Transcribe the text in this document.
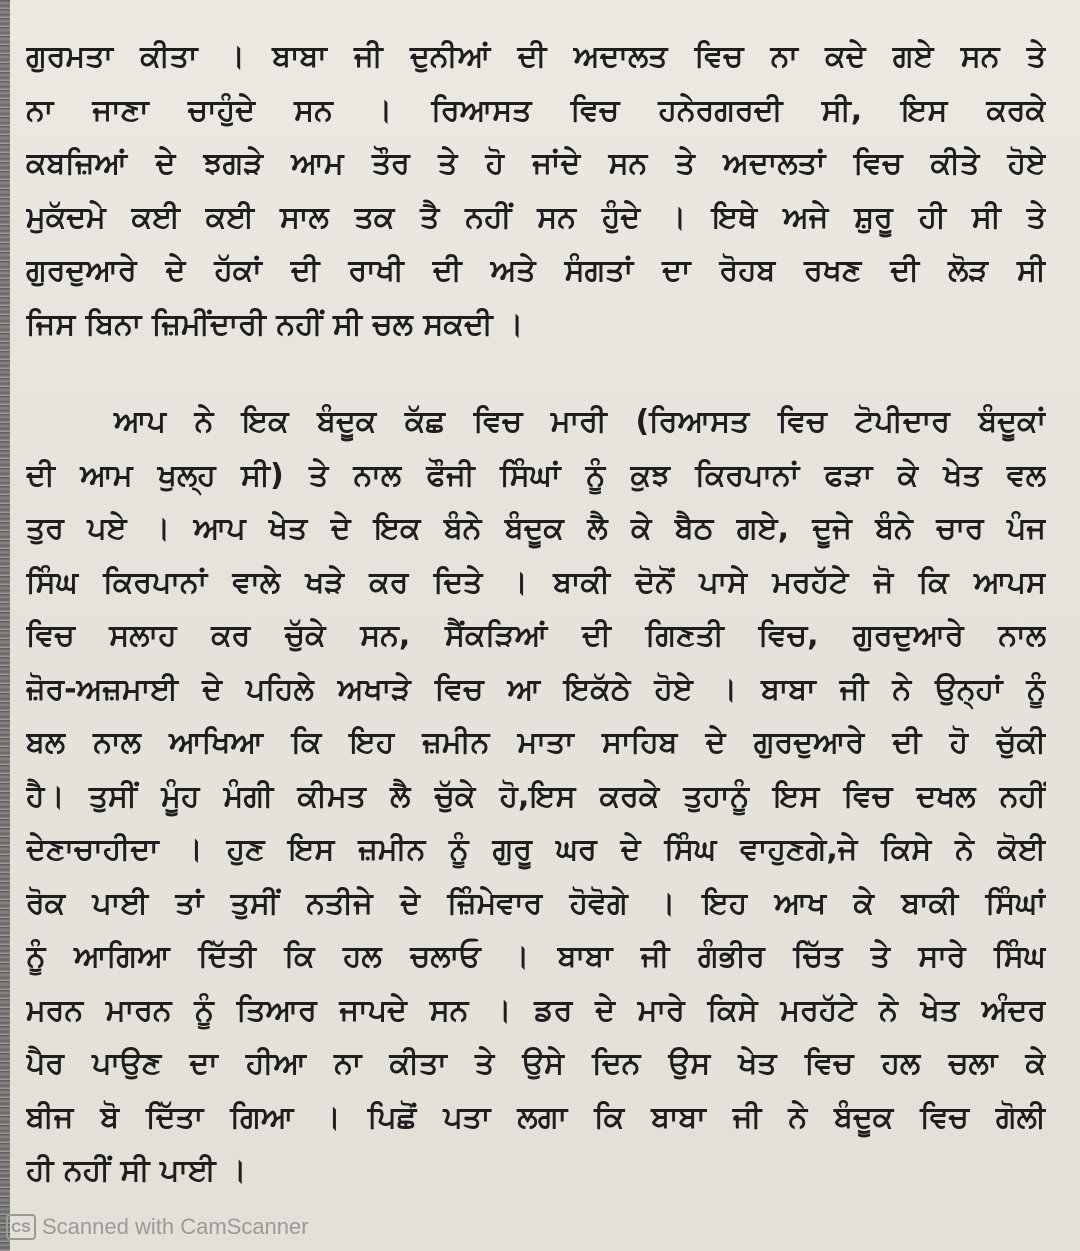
ਗੁਰਮਤਾ ਕੀਤਾ । ਬਾਬਾ ਜੀ ਦੁਨੀਆਂ ਦੀ ਅਦਾਲਤ ਵਿਚ ਨਾ ਕਦੇ ਗਏ ਸਨ ਤੇ
ਨਾ ਜਾਣਾ ਚਾਹੁੰਦੇ ਸਨ । ਰਿਆਸਤ ਵਿਚ ਹਨੇਰਗਰਦੀ ਸੀ, ਇਸ ਕਰਕੇ
ਕਬਜ਼ਿਆਂ ਦੇ ਝਗੜੇ ਆਮ ਤੌਰ ਤੇ ਹੋ ਜਾਂਦੇ ਸਨ ਤੇ ਅਦਾਲਤਾਂ ਵਿਚ ਕੀਤੇ ਹੋਏ
ਮੁਕੱਦਮੇ ਕਈ ਕਈ ਸਾਲ ਤਕ ਤੈ ਨਹੀਂ ਸਨ ਹੁੰਦੇ । ਇਥੇ ਅਜੇ ਸ਼ੁਰੂ ਹੀ ਸੀ ਤੇ
ਗੁਰਦੁਆਰੇ ਦੇ ਹੱਕਾਂ ਦੀ ਰਾਖੀ ਦੀ ਅਤੇ ਸੰਗਤਾਂ ਦਾ ਰੋਹਬ ਰਖਣ ਦੀ ਲੋੜ ਸੀ
ਜਿਸ ਬਿਨਾ ਜ਼ਿਮੀਂਦਾਰੀ ਨਹੀਂ ਸੀ ਚਲ ਸਕਦੀ ।
ਆਪ ਨੇ ਇਕ ਬੰਦੂਕ ਕੱਛ ਵਿਚ ਮਾਰੀ (ਰਿਆਸਤ ਵਿਚ ਟੋਪੀਦਾਰ ਬੰਦੂਕਾਂ
ਦੀ ਆਮ ਖੁਲ੍ਹ ਸੀ) ਤੇ ਨਾਲ ਫੌਜੀ ਸਿੰਘਾਂ ਨੂੰ ਕੁਝ ਕਿਰਪਾਨਾਂ ਫੜਾ ਕੇ ਖੇਤ ਵਲ
ਤੁਰ ਪਏ । ਆਪ ਖੇਤ ਦੇ ਇਕ ਬੰਨੇ ਬੰਦੂਕ ਲੈ ਕੇ ਬੈਠ ਗਏ, ਦੂਜੇ ਬੰਨੇ ਚਾਰ ਪੰਜ
ਸਿੰਘ ਕਿਰਪਾਨਾਂ ਵਾਲੇ ਖੜੇ ਕਰ ਦਿਤੇ । ਬਾਕੀ ਦੋਨੋਂ ਪਾਸੇ ਮਰਹੱਟੇ ਜੋ ਕਿ ਆਪਸ
ਵਿਚ ਸਲਾਹ ਕਰ ਚੁੱਕੇ ਸਨ, ਸੈਂਕੜਿਆਂ ਦੀ ਗਿਣਤੀ ਵਿਚ, ਗੁਰਦੁਆਰੇ ਨਾਲ
ਜ਼ੋਰ-ਅਜ਼ਮਾਈ ਦੇ ਪਹਿਲੇ ਅਖਾੜੇ ਵਿਚ ਆ ਇਕੱਠੇ ਹੋਏ । ਬਾਬਾ ਜੀ ਨੇ ਉਨ੍ਹਾਂ ਨੂੰ
ਬਲ ਨਾਲ ਆਖਿਆ ਕਿ ਇਹ ਜ਼ਮੀਨ ਮਾਤਾ ਸਾਹਿਬ ਦੇ ਗੁਰਦੁਆਰੇ ਦੀ ਹੋ ਚੁੱਕੀ
ਹੈ। ਤੁਸੀਂ ਮੂੰਹ ਮੰਗੀ ਕੀਮਤ ਲੈ ਚੁੱਕੇ ਹੋ,ਇਸ ਕਰਕੇ ਤੁਹਾਨੂੰ ਇਸ ਵਿਚ ਦਖਲ ਨਹੀਂ
ਦੇਣਾਚਾਹੀਦਾ । ਹੁਣ ਇਸ ਜ਼ਮੀਨ ਨੂੰ ਗੁਰੂ ਘਰ ਦੇ ਸਿੰਘ ਵਾਹੁਣਗੇ,ਜੇ ਕਿਸੇ ਨੇ ਕੋਈ
ਰੋਕ ਪਾਈ ਤਾਂ ਤੁਸੀਂ ਨਤੀਜੇ ਦੇ ਜ਼ਿੰਮੇਵਾਰ ਹੋਵੋਗੇ । ਇਹ ਆਖ ਕੇ ਬਾਕੀ ਸਿੰਘਾਂ
ਨੂੰ ਆਗਿਆ ਦਿੱਤੀ ਕਿ ਹਲ ਚਲਾਓ । ਬਾਬਾ ਜੀ ਗੰਭੀਰ ਚਿੱਤ ਤੇ ਸਾਰੇ ਸਿੰਘ
ਮਰਨ ਮਾਰਨ ਨੂੰ ਤਿਆਰ ਜਾਪਦੇ ਸਨ । ਡਰ ਦੇ ਮਾਰੇ ਕਿਸੇ ਮਰਹੱਟੇ ਨੇ ਖੇਤ ਅੰਦਰ
ਪੈਰ ਪਾਉਣ ਦਾ ਹੀਆ ਨਾ ਕੀਤਾ ਤੇ ਉਸੇ ਦਿਨ ਉਸ ਖੇਤ ਵਿਚ ਹਲ ਚਲਾ ਕੇ
ਬੀਜ ਬੋ ਦਿੱਤਾ ਗਿਆ । ਪਿਛੋਂ ਪਤਾ ਲਗਾ ਕਿ ਬਾਬਾ ਜੀ ਨੇ ਬੰਦੂਕ ਵਿਚ ਗੋਲੀ
ਹੀ ਨਹੀਂ ਸੀ ਪਾਈ ।
CS Scanned with CamScanner
